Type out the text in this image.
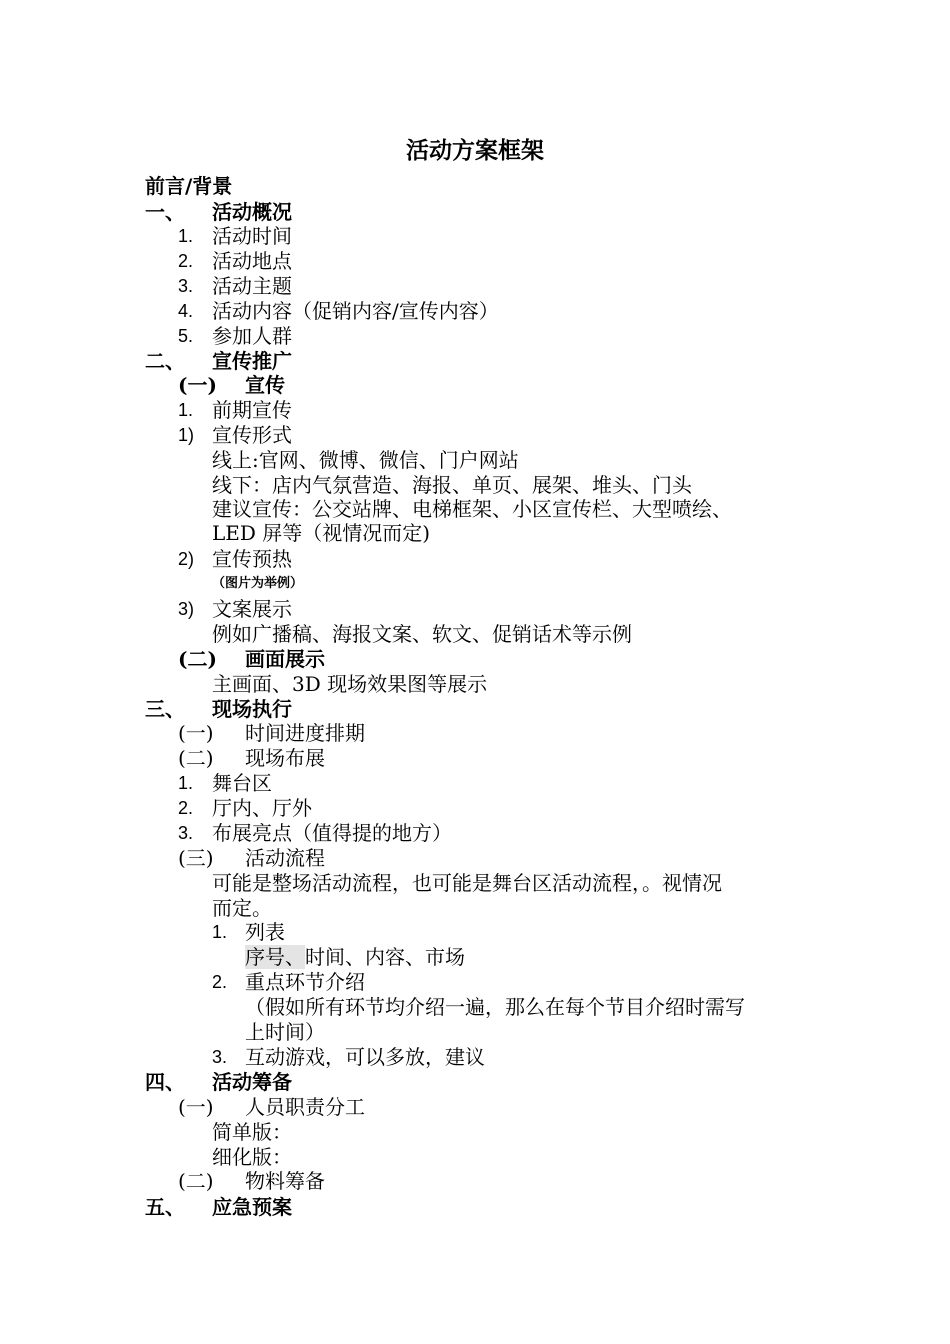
活动方案框架
前言/背景
一、 活动概况
1. 活动时间
2. 活动地点
3. 活动主题
4. 活动内容（促销内容/宣传内容）
5. 参加人群
二、 宣传推广
(一) 宣传
1. 前期宣传
1) 宣传形式
线上:官网、微博、微信、门户网站
线下：店内气氛营造、海报、单页、展架、堆头、门头
建议宣传：公交站牌、电梯框架、小区宣传栏、大型喷绘、
LED 屏等（视情况而定)
2) 宣传预热
（图片为举例）
3) 文案展示
例如广播稿、海报文案、软文、促销话术等示例
(二) 画面展示
主画面、3D 现场效果图等展示
三、 现场执行
(一) 时间进度排期
(二) 现场布展
1. 舞台区
2. 厅内、厅外
3. 布展亮点（值得提的地方）
(三) 活动流程
可能是整场活动流程，也可能是舞台区活动流程，。视情况
而定。
1. 列表
序号、时间、内容、市场
2. 重点环节介绍
（假如所有环节均介绍一遍，那么在每个节目介绍时需写
上时间）
3. 互动游戏，可以多放，建议
四、 活动筹备
(一) 人员职责分工
简单版：
细化版：
(二) 物料筹备
五、 应急预案
